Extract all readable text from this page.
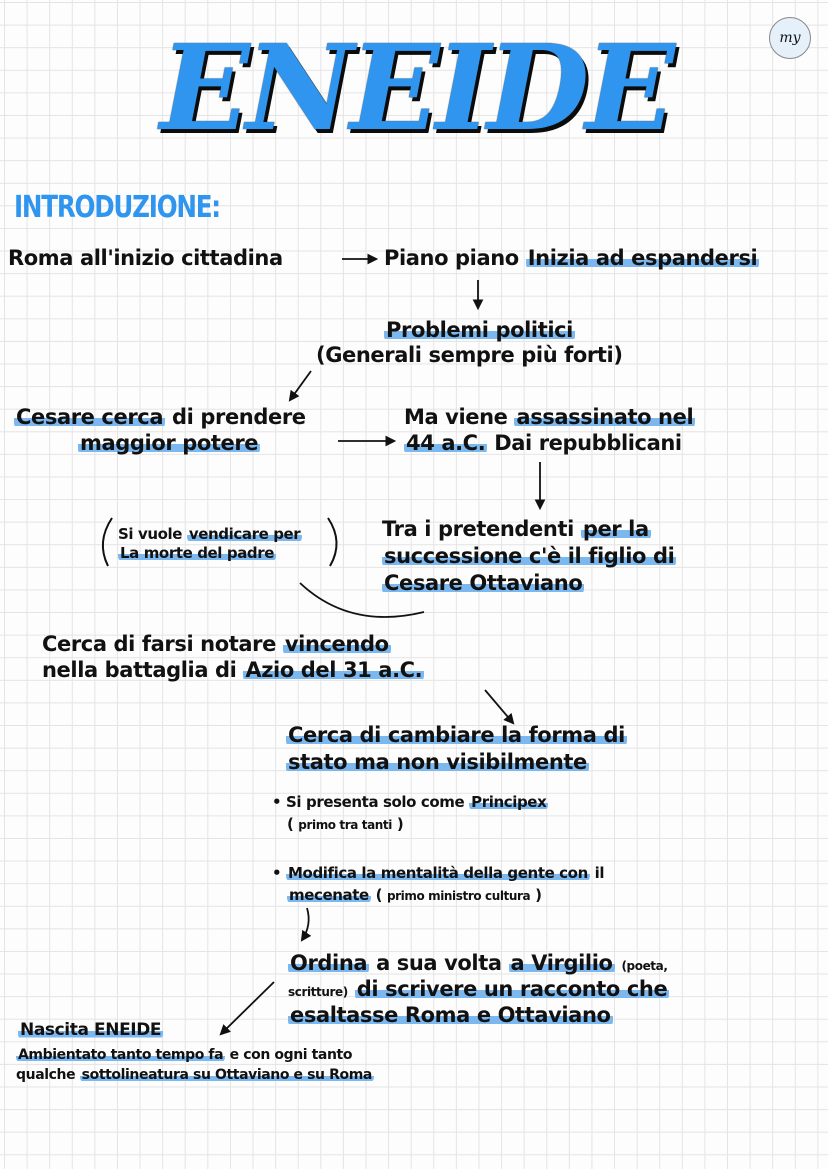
ENEIDE	my
INTRODUZIONE:
Roma all'inizio cittadina	Piano piano Inizia ad espandersi
Problemi politici
(Generali sempre più forti)
Cesare cerca di prendere
maggior potere
Ma viene assassinato nel
44 a.C. Dai repubblicani
Si vuole vendicare per
La morte del padre
Tra i pretendenti per la
successione c'è il figlio di
Cesare Ottaviano
Cerca di farsi notare vincendo
nella battaglia di Azio del 31 a.C.
Cerca di cambiare la forma di
stato ma non visibilmente
• Si presenta solo come Principex
( primo tra tanti )
• Modifica la mentalità della gente con il
mecenate ( primo ministro cultura )
Ordina a sua volta a Virgilio (poeta,
scritture) di scrivere un racconto che
esaltasse Roma e Ottaviano
Nascita ENEIDE
Ambientato tanto tempo fa e con ogni tanto
qualche sottolineatura su Ottaviano e su Roma
